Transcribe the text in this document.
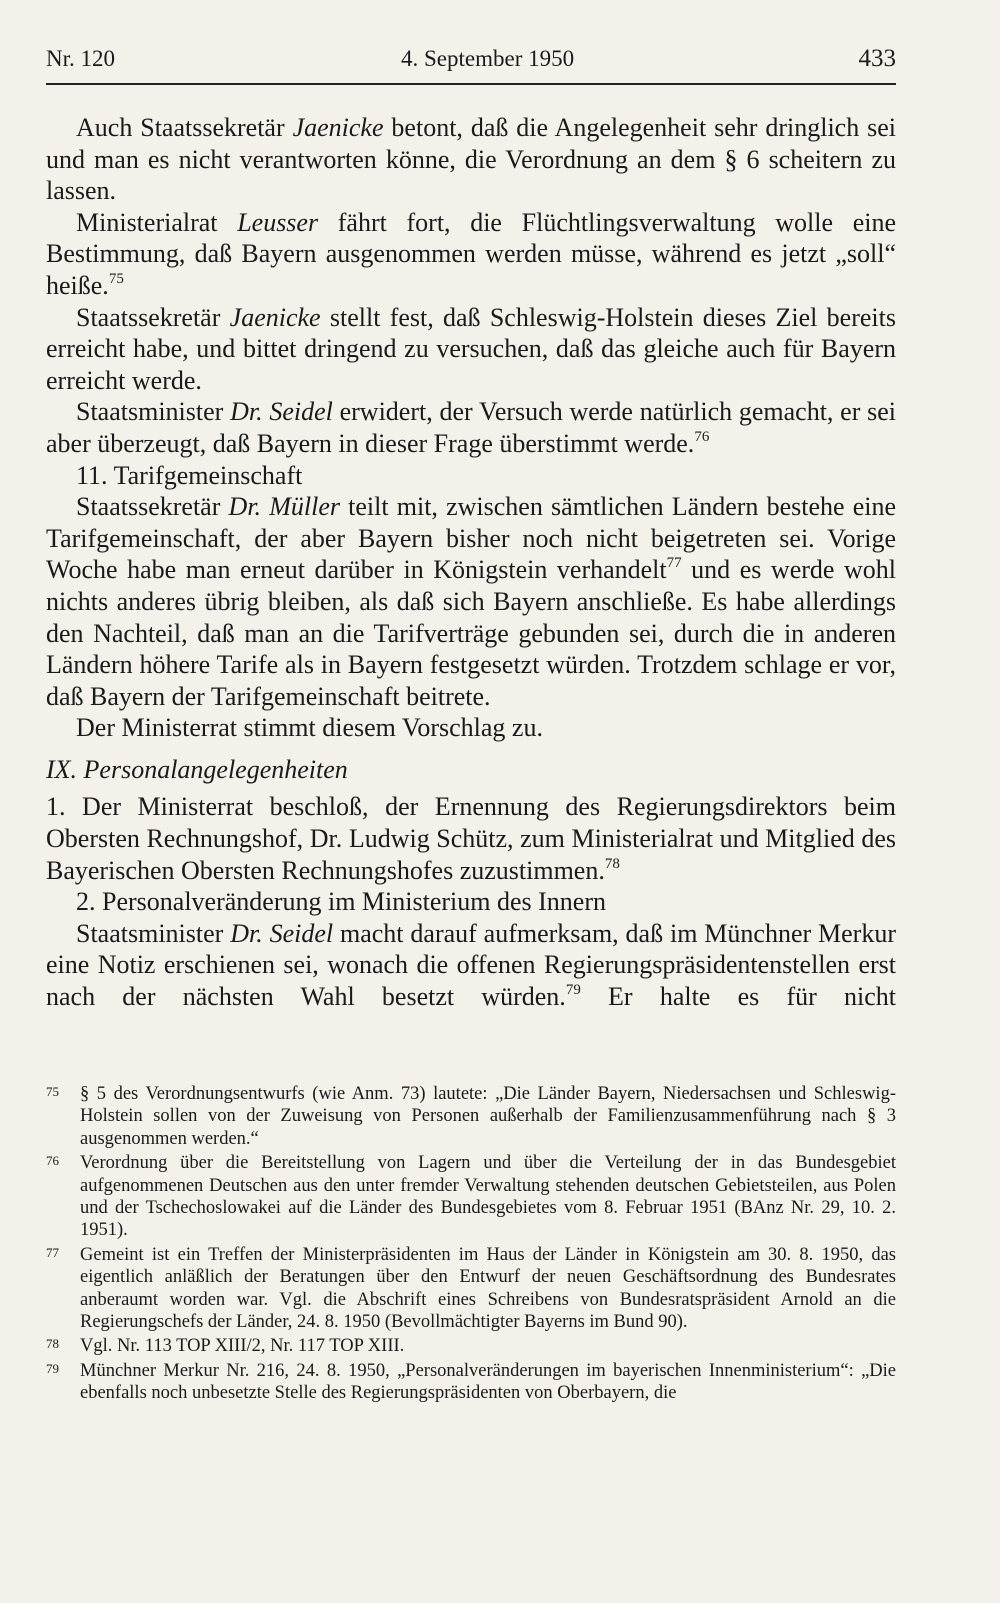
Nr. 120	4. September 1950	433

Auch Staatssekretär Jaenicke betont, daß die Angelegenheit sehr dringlich sei und man es nicht verantworten könne, die Verordnung an dem § 6 scheitern zu lassen.

Ministerialrat Leusser fährt fort, die Flüchtlingsverwaltung wolle eine Bestimmung, daß Bayern ausgenommen werden müsse, während es jetzt „soll“ heiße.$^{75}$

Staatssekretär Jaenicke stellt fest, daß Schleswig-Holstein dieses Ziel bereits erreicht habe, und bittet dringend zu versuchen, daß das gleiche auch für Bayern erreicht werde.

Staatsminister Dr. Seidel erwidert, der Versuch werde natürlich gemacht, er sei aber überzeugt, daß Bayern in dieser Frage überstimmt werde.$^{76}$

11. Tarifgemeinschaft

Staatssekretär Dr. Müller teilt mit, zwischen sämtlichen Ländern bestehe eine Tarifgemeinschaft, der aber Bayern bisher noch nicht beigetreten sei. Vorige Woche habe man erneut darüber in Königstein verhandelt$^{77}$ und es werde wohl nichts anderes übrig bleiben, als daß sich Bayern anschließe. Es habe allerdings den Nachteil, daß man an die Tarifverträge gebunden sei, durch die in anderen Ländern höhere Tarife als in Bayern festgesetzt würden. Trotzdem schlage er vor, daß Bayern der Tarifgemeinschaft beitrete.

Der Ministerrat stimmt diesem Vorschlag zu.

IX. Personalangelegenheiten

1. Der Ministerrat beschloß, der Ernennung des Regierungsdirektors beim Obersten Rechnungshof, Dr. Ludwig Schütz, zum Ministerialrat und Mitglied des Bayerischen Obersten Rechnungshofes zuzustimmen.$^{78}$

2. Personalveränderung im Ministerium des Innern

Staatsminister Dr. Seidel macht darauf aufmerksam, daß im Münchner Merkur eine Notiz erschienen sei, wonach die offenen Regierungspräsidentenstellen erst nach der nächsten Wahl besetzt würden.$^{79}$ Er halte es für nicht

75 § 5 des Verordnungsentwurfs (wie Anm. 73) lautete: „Die Länder Bayern, Niedersachsen und Schleswig-Holstein sollen von der Zuweisung von Personen außerhalb der Familienzusammenführung nach § 3 ausgenommen werden.“

76 Verordnung über die Bereitstellung von Lagern und über die Verteilung der in das Bundesgebiet aufgenommenen Deutschen aus den unter fremder Verwaltung stehenden deutschen Gebietsteilen, aus Polen und der Tschechoslowakei auf die Länder des Bundesgebietes vom 8. Februar 1951 (BAnz Nr. 29, 10. 2. 1951).

77 Gemeint ist ein Treffen der Ministerpräsidenten im Haus der Länder in Königstein am 30. 8. 1950, das eigentlich anläßlich der Beratungen über den Entwurf der neuen Geschäftsordnung des Bundesrates anberaumt worden war. Vgl. die Abschrift eines Schreibens von Bundesratspräsident Arnold an die Regierungschefs der Länder, 24. 8. 1950 (Bevollmächtigter Bayerns im Bund 90).

78 Vgl. Nr. 113 TOP XIII/2, Nr. 117 TOP XIII.

79 Münchner Merkur Nr. 216, 24. 8. 1950, „Personalveränderungen im bayerischen Innenministerium“: „Die ebenfalls noch unbesetzte Stelle des Regierungspräsidenten von Oberbayern, die
